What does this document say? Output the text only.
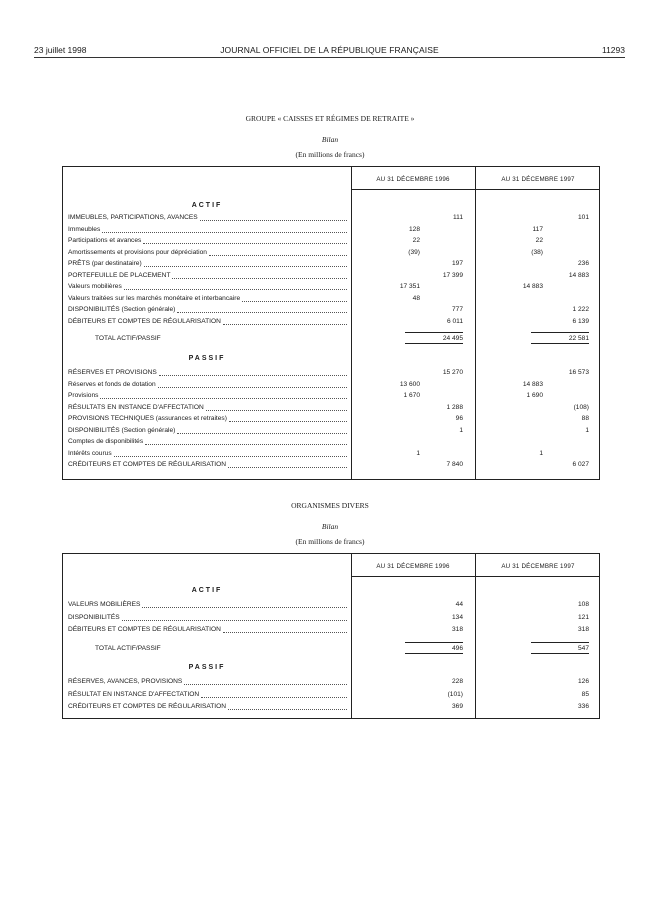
23 juillet 1998	JOURNAL OFFICIEL DE LA RÉPUBLIQUE FRANÇAISE	11293
GROUPE « CAISSES ET RÉGIMES DE RETRAITE »
Bilan
(En millions de francs)
AU 31 DÉCEMBRE 1996	AU 31 DÉCEMBRE 1997
ACTIF
IMMEUBLES, PARTICIPATIONS, AVANCES	111	101
Immeubles	128	117
Participations et avances	22	22
Amortissements et provisions pour dépréciation	(39)	(38)
PRÊTS (par destinataire)	197	236
PORTEFEUILLE DE PLACEMENT	17 399	14 883
Valeurs mobilières	17 351	14 883
Valeurs traitées sur les marchés monétaire et interbancaire	48
DISPONIBILITÉS (Section générale)	777	1 222
DÉBITEURS ET COMPTES DE RÉGULARISATION	6 011	6 139
TOTAL ACTIF/PASSIF	24 495	22 581
PASSIF
RÉSERVES ET PROVISIONS	15 270	16 573
Réserves et fonds de dotation	13 600	14 883
Provisions	1 670	1 690
RÉSULTATS EN INSTANCE D'AFFECTATION	1 288	(108)
PROVISIONS TECHNIQUES (assurances et retraites)	96	88
DISPONIBILITÉS (Section générale)	1	1
Comptes de disponibilités
Intérêts courus	1	1
CRÉDITEURS ET COMPTES DE RÉGULARISATION	7 840	6 027
ORGANISMES DIVERS
Bilan
(En millions de francs)
AU 31 DÉCEMBRE 1996	AU 31 DÉCEMBRE 1997
ACTIF
VALEURS MOBILIÈRES	44	108
DISPONIBILITÉS	134	121
DÉBITEURS ET COMPTES DE RÉGULARISATION	318	318
TOTAL ACTIF/PASSIF	496	547
PASSIF
RÉSERVES, AVANCES, PROVISIONS	228	126
RÉSULTAT EN INSTANCE D'AFFECTATION	(101)	85
CRÉDITEURS ET COMPTES DE RÉGULARISATION	369	336
